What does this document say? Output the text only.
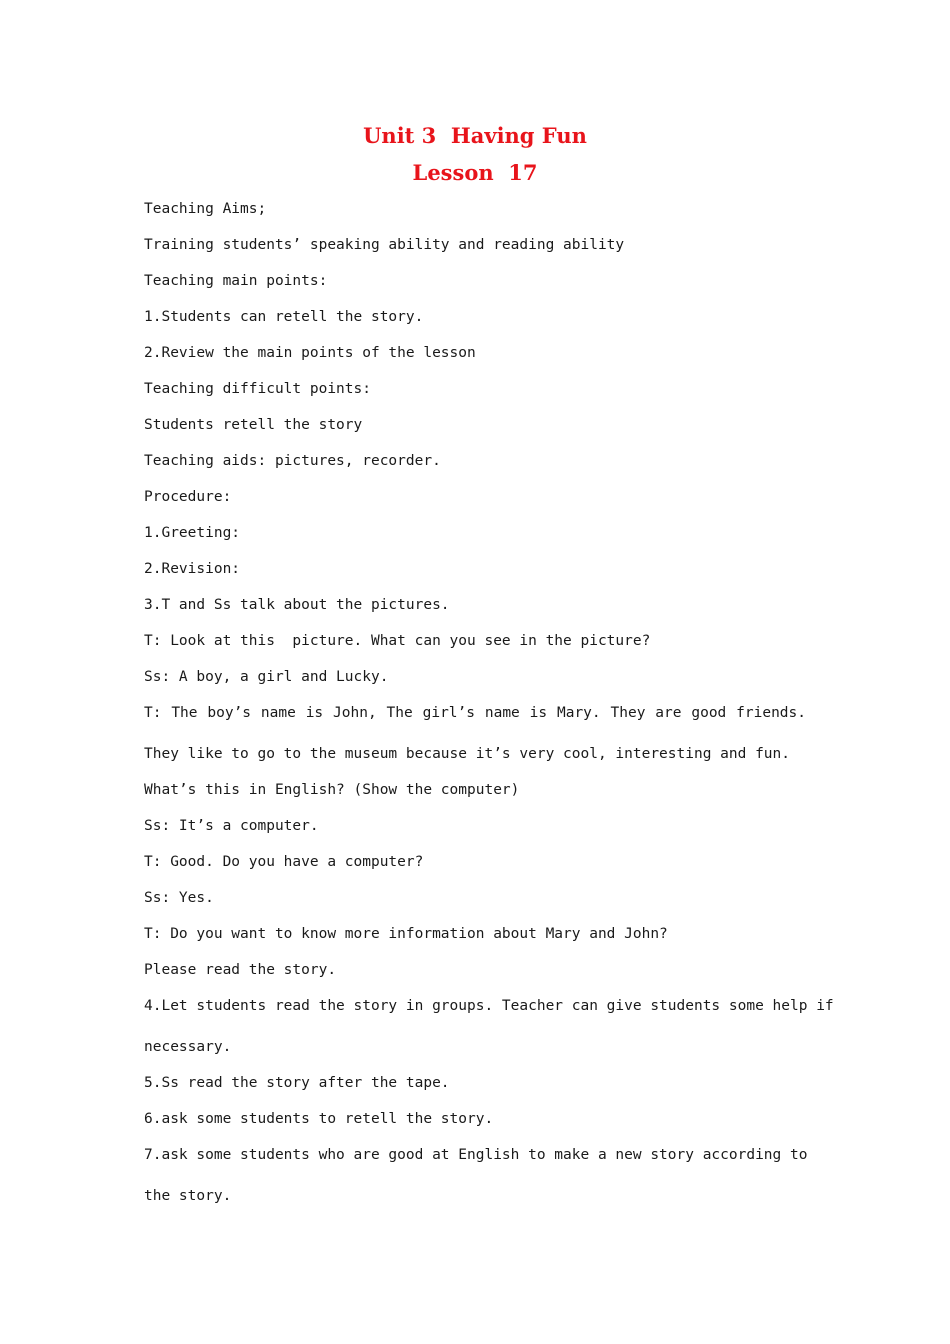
Unit 3  Having Fun
Lesson  17
Teaching Aims;
Training students’ speaking ability and reading ability
Teaching main points:
1.Students can retell the story.
2.Review the main points of the lesson
Teaching difficult points:
Students retell the story
Teaching aids: pictures, recorder.
Procedure:
1.Greeting:
2.Revision:
3.T and Ss talk about the pictures.
T: Look at this  picture. What can you see in the picture?
Ss: A boy, a girl and Lucky.
T: The boy’s name is John, The girl’s name is Mary. They are good friends.
They like to go to the museum because it’s very cool, interesting and fun.
What’s this in English? (Show the computer)
Ss: It’s a computer.
T: Good. Do you have a computer?
Ss: Yes.
T: Do you want to know more information about Mary and John?
Please read the story.
4.Let students read the story in groups. Teacher can give students some help if
necessary.
5.Ss read the story after the tape.
6.ask some students to retell the story.
7.ask some students who are good at English to make a new story according to
the story.
